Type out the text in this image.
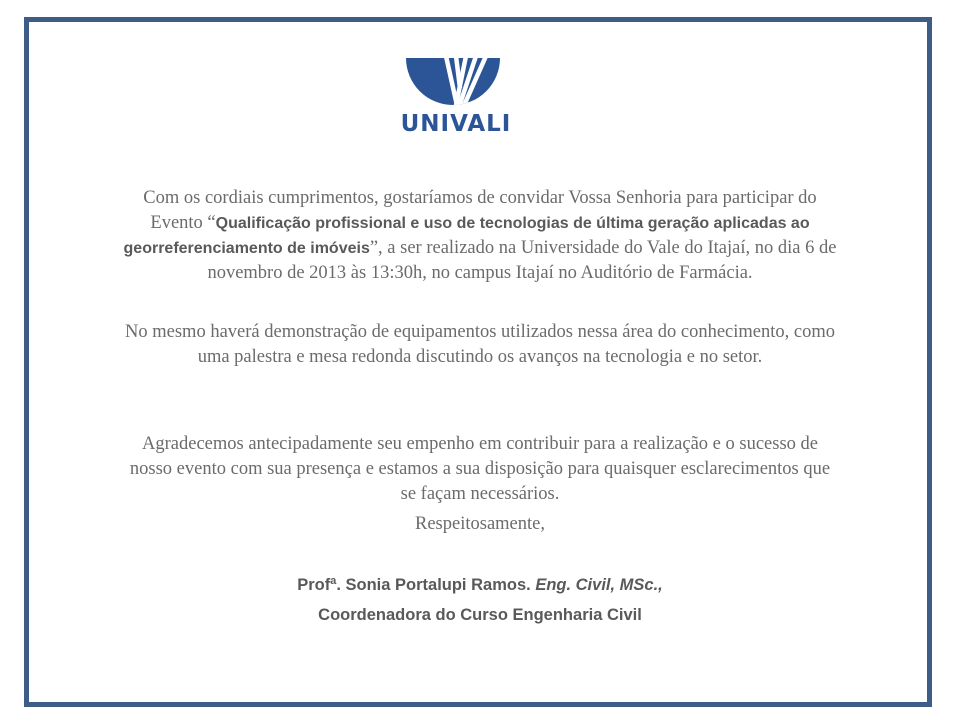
UNIVALI
Com os cordiais cumprimentos, gostaríamos de convidar Vossa Senhoria para participar do Evento “Qualificação profissional e uso de tecnologias de última geração aplicadas ao georreferenciamento de imóveis”, a ser realizado na Universidade do Vale do Itajaí, no dia 6 de novembro de 2013 às 13:30h, no campus Itajaí no Auditório de Farmácia.
No mesmo haverá demonstração de equipamentos utilizados nessa área do conhecimento, como uma palestra e mesa redonda discutindo os avanços na tecnologia e no setor.
Agradecemos antecipadamente seu empenho em contribuir para a realização e o sucesso de nosso evento com sua presença e estamos a sua disposição para quaisquer esclarecimentos que se façam necessários.
Respeitosamente,
Profª. Sonia Portalupi Ramos. Eng. Civil, MSc.,
Coordenadora do Curso Engenharia Civil
